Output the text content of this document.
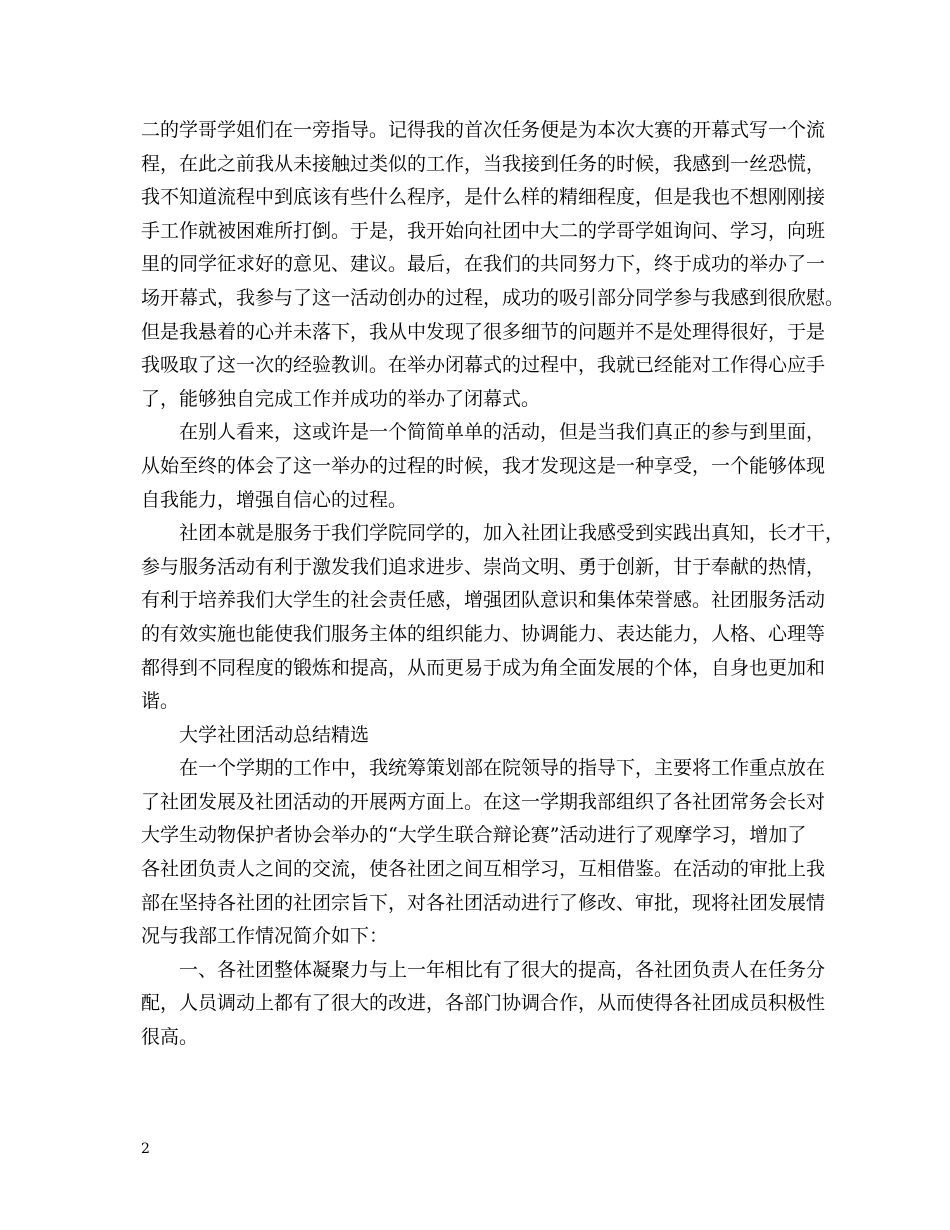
二的学哥学姐们在一旁指导。记得我的首次任务便是为本次大赛的开幕式写一个流
程，在此之前我从未接触过类似的工作，当我接到任务的时候，我感到一丝恐慌，
我不知道流程中到底该有些什么程序，是什么样的精细程度，但是我也不想刚刚接
手工作就被困难所打倒。于是，我开始向社团中大二的学哥学姐询问、学习，向班
里的同学征求好的意见、建议。最后，在我们的共同努力下，终于成功的举办了一
场开幕式，我参与了这一活动创办的过程，成功的吸引部分同学参与我感到很欣慰。
但是我悬着的心并未落下，我从中发现了很多细节的问题并不是处理得很好，于是
我吸取了这一次的经验教训。在举办闭幕式的过程中，我就已经能对工作得心应手
了，能够独自完成工作并成功的举办了闭幕式。
在别人看来，这或许是一个简简单单的活动，但是当我们真正的参与到里面，
从始至终的体会了这一举办的过程的时候，我才发现这是一种享受，一个能够体现
自我能力，增强自信心的过程。
社团本就是服务于我们学院同学的，加入社团让我感受到实践出真知，长才干，
参与服务活动有利于激发我们追求进步、崇尚文明、勇于创新，甘于奉献的热情，
有利于培养我们大学生的社会责任感，增强团队意识和集体荣誉感。社团服务活动
的有效实施也能使我们服务主体的组织能力、协调能力、表达能力，人格、心理等
都得到不同程度的锻炼和提高，从而更易于成为角全面发展的个体，自身也更加和
谐。
大学社团活动总结精选
在一个学期的工作中，我统筹策划部在院领导的指导下，主要将工作重点放在
了社团发展及社团活动的开展两方面上。在这一学期我部组织了各社团常务会长对
大学生动物保护者协会举办的“大学生联合辩论赛”活动进行了观摩学习，增加了
各社团负责人之间的交流，使各社团之间互相学习，互相借鉴。在活动的审批上我
部在坚持各社团的社团宗旨下，对各社团活动进行了修改、审批，现将社团发展情
况与我部工作情况简介如下：
一、各社团整体凝聚力与上一年相比有了很大的提高，各社团负责人在任务分
配，人员调动上都有了很大的改进，各部门协调合作，从而使得各社团成员积极性
很高。
2
